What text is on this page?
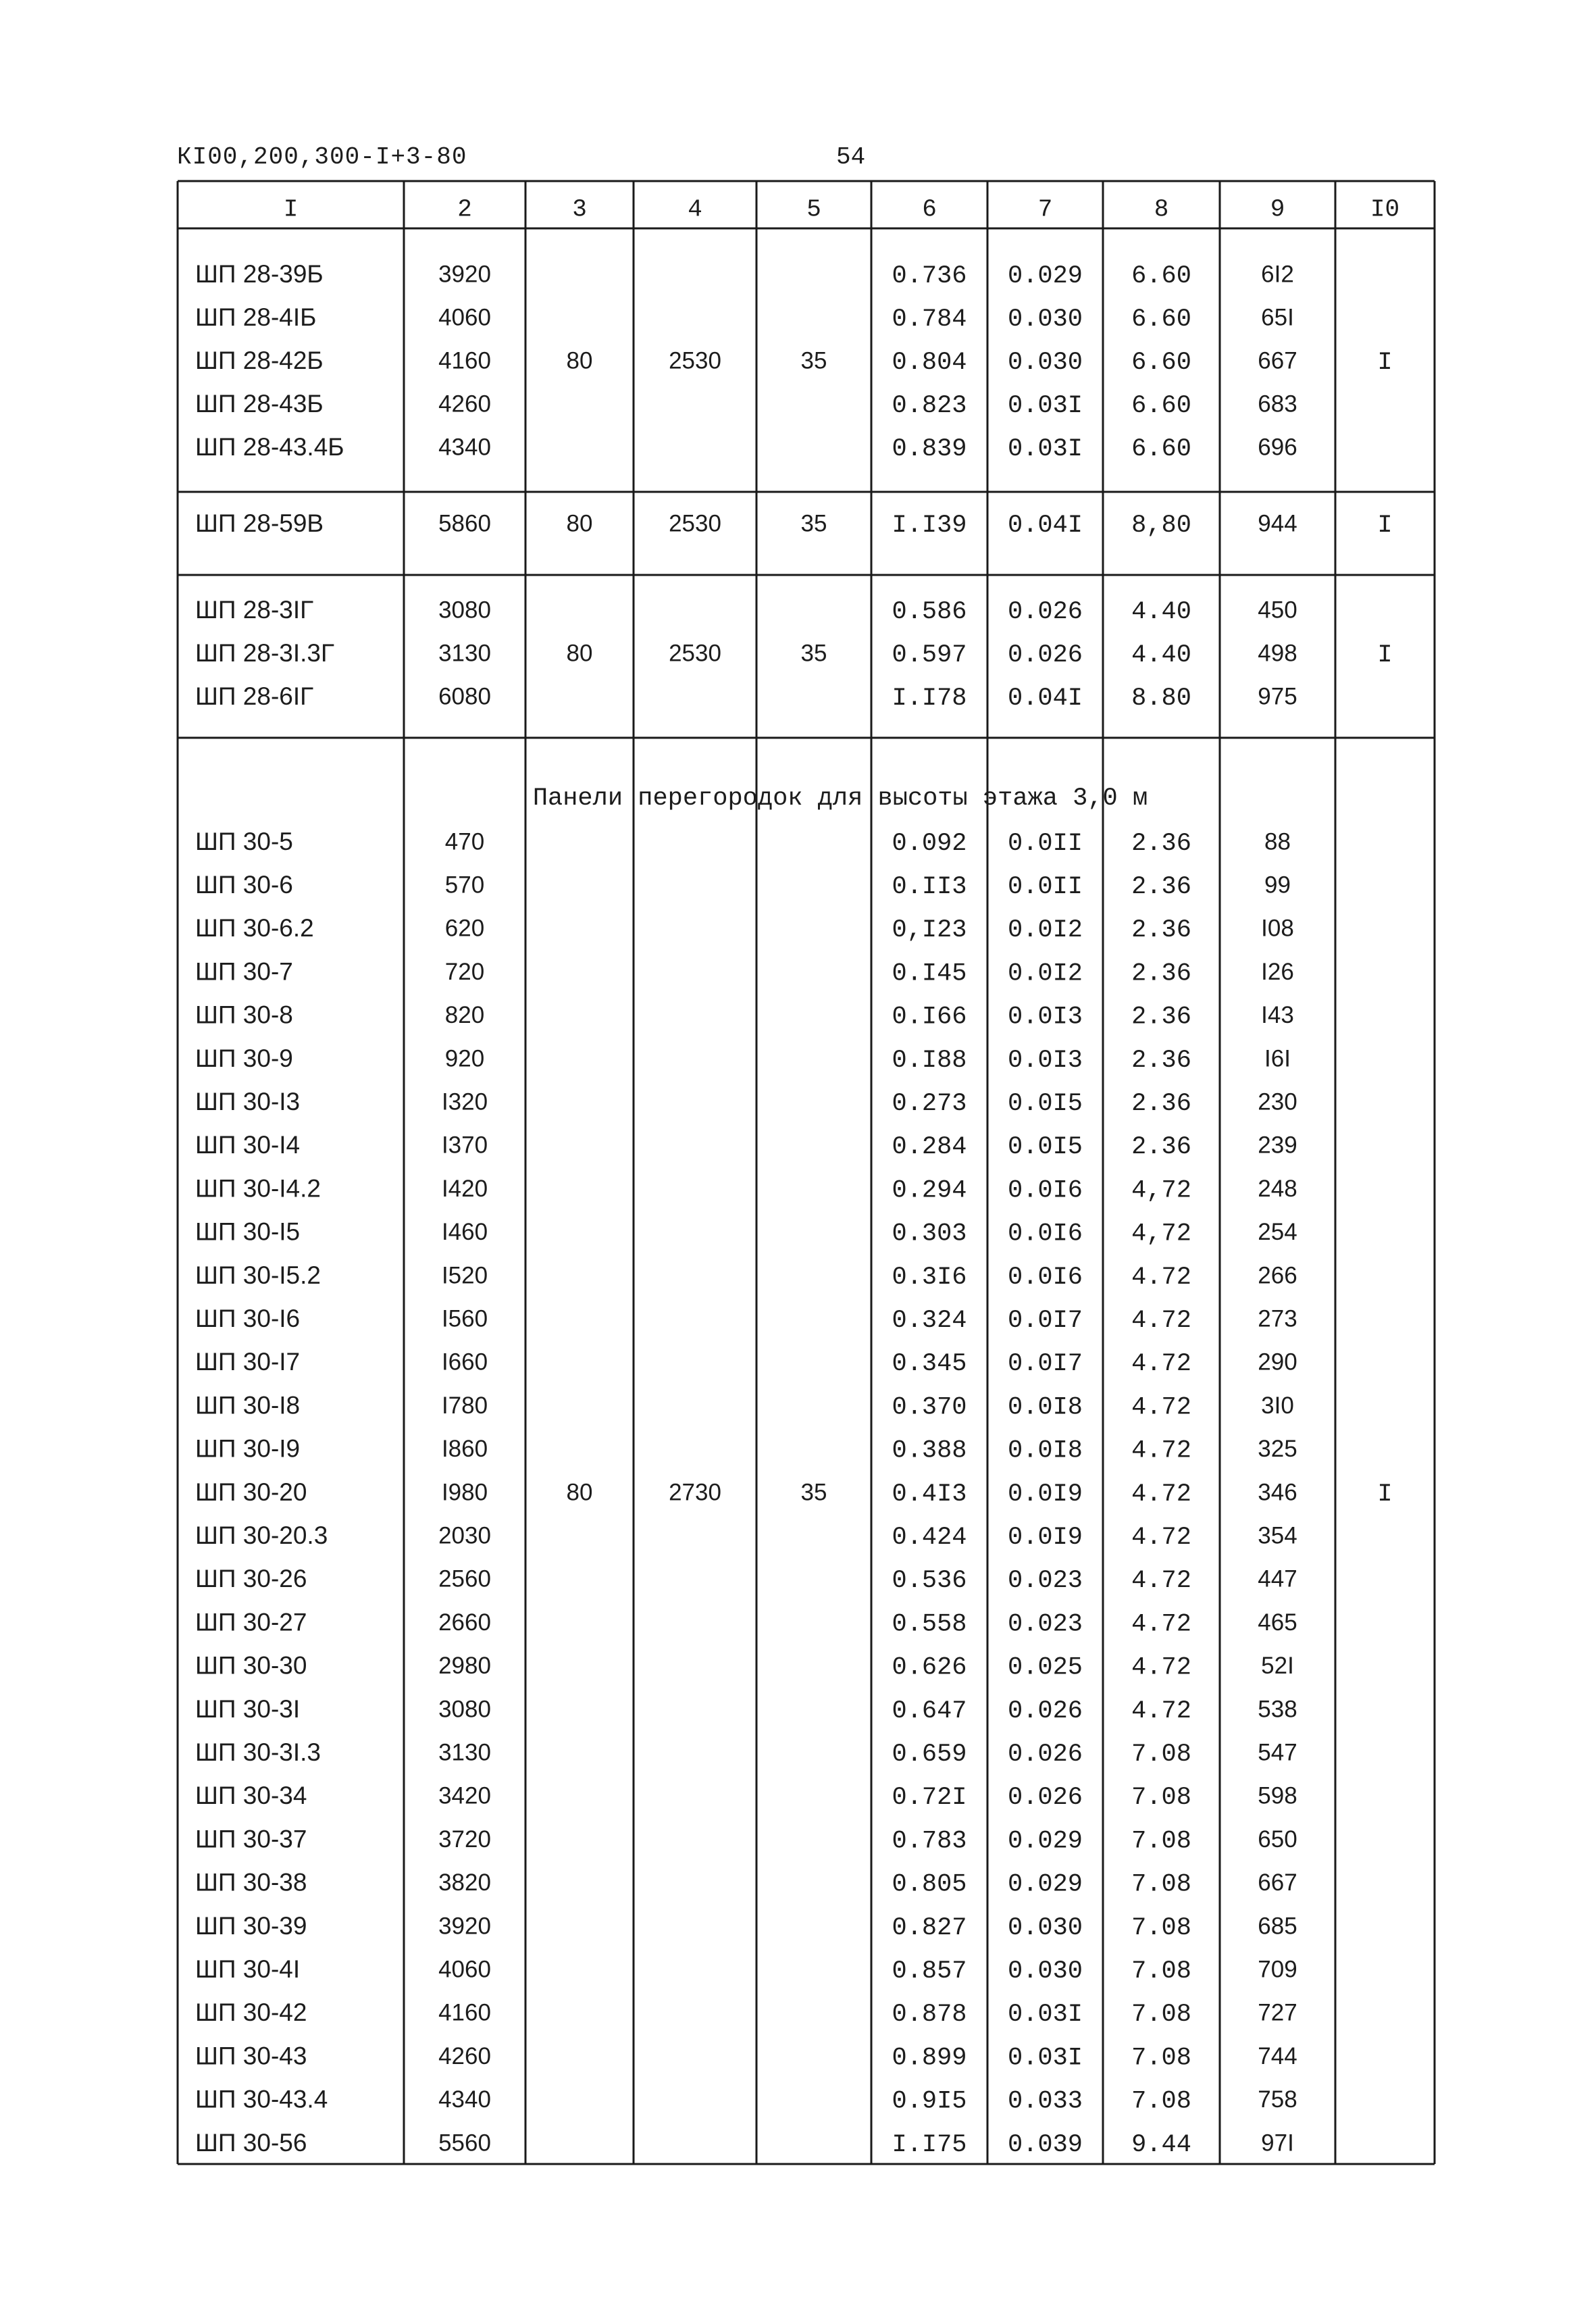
КI00,200,300-I+3-80	54
I	2	3	4	5	6	7	8	9	I0
ШП 28-39Б	3920	0.736 0.029 6.60	6I2
ШП 28-4IБ	4060	0.784 0.030 6.60	65I
ШП 28-42Б	4160	0.804 0.030 6.60	667
ШП 28-43Б	4260	0.823 0.03I 6.60	683
ШП 28-43.4Б	4340	0.839 0.03I 6.60	696
80	2530	35	I
ШП 28-59В	5860	I.I39 0.04I 8,80	944
80	2530	35	I
ШП 28-3IГ	3080	0.586 0.026 4.40	450
ШП 28-3I.3Г	3130	0.597 0.026 4.40	498
ШП 28-6IГ	6080	I.I78 0.04I 8.80	975
80	2530	35	I
ШП 30-5	470	0.092 0.0II 2.36	88
ШП 30-6	570	0.II3 0.0II 2.36	99
ШП 30-6.2	620	0,I23 0.0I2 2.36	I08
ШП 30-7	720	0.I45 0.0I2 2.36	I26
ШП 30-8	820	0.I66 0.0I3 2.36	I43
ШП 30-9	920	0.I88 0.0I3 2.36	I6I
ШП 30-I3	I320	0.273 0.0I5 2.36	230
ШП 30-I4	I370	0.284 0.0I5 2.36	239
ШП 30-I4.2	I420	0.294 0.0I6 4,72	248
ШП 30-I5	I460	0.303 0.0I6 4,72	254
ШП 30-I5.2	I520	0.3I6 0.0I6 4.72	266
ШП 30-I6	I560	0.324 0.0I7 4.72	273
ШП 30-I7	I660	0.345 0.0I7 4.72	290
ШП 30-I8	I780	0.370 0.0I8 4.72	3I0
ШП 30-I9	I860	0.388 0.0I8 4.72	325
ШП 30-20	I980	0.4I3 0.0I9 4.72	346
ШП 30-20.3	2030	0.424 0.0I9 4.72	354
ШП 30-26	2560	0.536 0.023 4.72	447
ШП 30-27	2660	0.558 0.023 4.72	465
ШП 30-30	2980	0.626 0.025 4.72	52I
ШП 30-3I	3080	0.647 0.026 4.72	538
ШП 30-3I.3	3130	0.659 0.026 7.08	547
ШП 30-34	3420	0.72I 0.026 7.08	598
ШП 30-37	3720	0.783 0.029 7.08	650
ШП 30-38	3820	0.805 0.029 7.08	667
ШП 30-39	3920	0.827 0.030 7.08	685
ШП 30-4I	4060	0.857 0.030 7.08	709
ШП 30-42	4160	0.878 0.03I 7.08	727
ШП 30-43	4260	0.899 0.03I 7.08	744
ШП 30-43.4	4340	0.9I5 0.033 7.08	758
ШП 30-56	5560	I.I75 0.039 9.44	97I
80	2730	35	I
Панели перегородок для высоты этажа 3,0 м
